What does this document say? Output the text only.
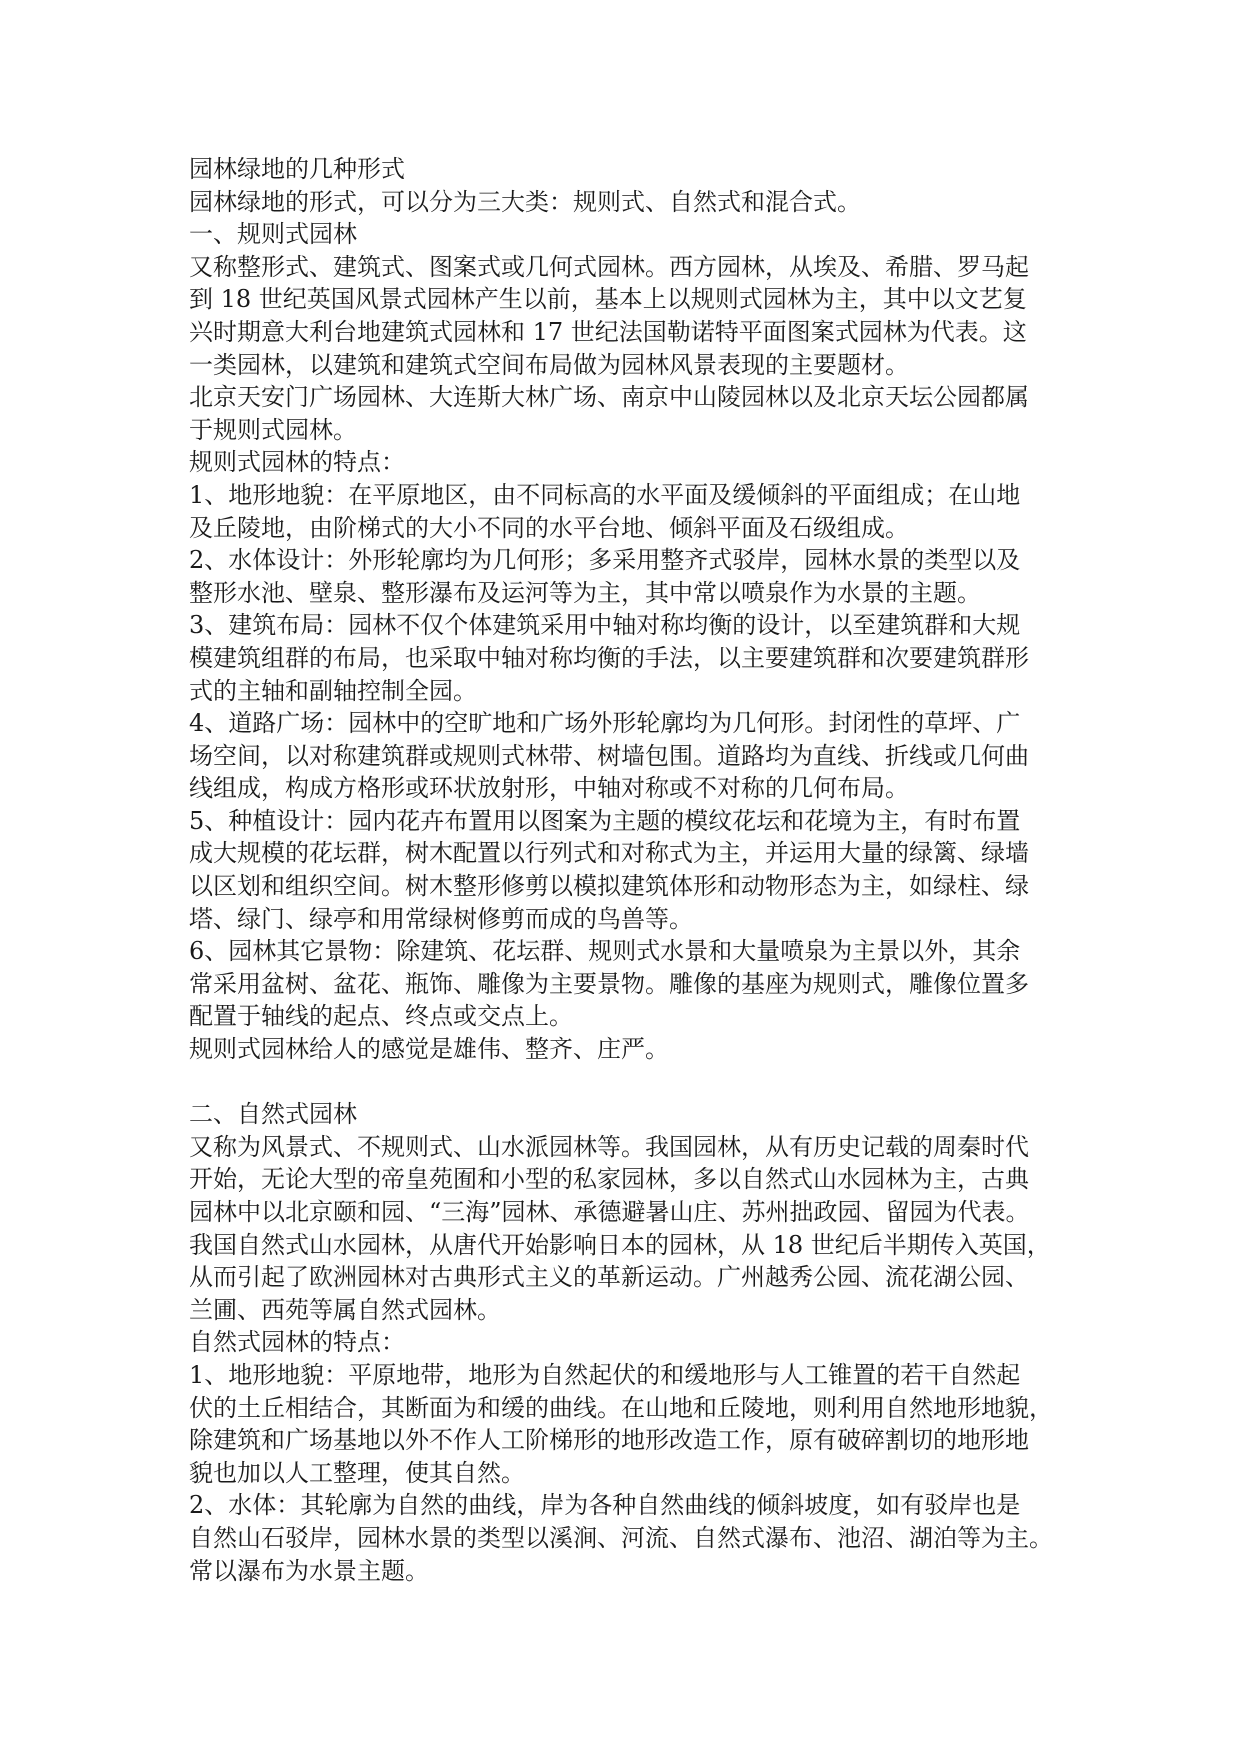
园林绿地的几种形式
园林绿地的形式，可以分为三大类：规则式、自然式和混合式。
一、规则式园林
又称整形式、建筑式、图案式或几何式园林。西方园林，从埃及、希腊、罗马起
到 18 世纪英国风景式园林产生以前，基本上以规则式园林为主，其中以文艺复
兴时期意大利台地建筑式园林和 17 世纪法国勒诺特平面图案式园林为代表。这
一类园林，以建筑和建筑式空间布局做为园林风景表现的主要题材。
北京天安门广场园林、大连斯大林广场、南京中山陵园林以及北京天坛公园都属
于规则式园林。
规则式园林的特点：
1、地形地貌：在平原地区，由不同标高的水平面及缓倾斜的平面组成；在山地
及丘陵地，由阶梯式的大小不同的水平台地、倾斜平面及石级组成。
2、水体设计：外形轮廓均为几何形；多采用整齐式驳岸，园林水景的类型以及
整形水池、壁泉、整形瀑布及运河等为主，其中常以喷泉作为水景的主题。
3、建筑布局：园林不仅个体建筑采用中轴对称均衡的设计，以至建筑群和大规
模建筑组群的布局，也采取中轴对称均衡的手法，以主要建筑群和次要建筑群形
式的主轴和副轴控制全园。
4、道路广场：园林中的空旷地和广场外形轮廓均为几何形。封闭性的草坪、广
场空间，以对称建筑群或规则式林带、树墙包围。道路均为直线、折线或几何曲
线组成，构成方格形或环状放射形，中轴对称或不对称的几何布局。
5、种植设计：园内花卉布置用以图案为主题的模纹花坛和花境为主，有时布置
成大规模的花坛群，树木配置以行列式和对称式为主，并运用大量的绿篱、绿墙
以区划和组织空间。树木整形修剪以模拟建筑体形和动物形态为主，如绿柱、绿
塔、绿门、绿亭和用常绿树修剪而成的鸟兽等。
6、园林其它景物：除建筑、花坛群、规则式水景和大量喷泉为主景以外，其余
常采用盆树、盆花、瓶饰、雕像为主要景物。雕像的基座为规则式，雕像位置多
配置于轴线的起点、终点或交点上。
规则式园林给人的感觉是雄伟、整齐、庄严。
二、自然式园林
又称为风景式、不规则式、山水派园林等。我国园林，从有历史记载的周秦时代
开始，无论大型的帝皇苑囿和小型的私家园林，多以自然式山水园林为主，古典
园林中以北京颐和园、“三海”园林、承德避暑山庄、苏州拙政园、留园为代表。
我国自然式山水园林，从唐代开始影响日本的园林，从 18 世纪后半期传入英国，
从而引起了欧洲园林对古典形式主义的革新运动。广州越秀公园、流花湖公园、
兰圃、西苑等属自然式园林。
自然式园林的特点：
1、地形地貌：平原地带，地形为自然起伏的和缓地形与人工锥置的若干自然起
伏的土丘相结合，其断面为和缓的曲线。在山地和丘陵地，则利用自然地形地貌，
除建筑和广场基地以外不作人工阶梯形的地形改造工作，原有破碎割切的地形地
貌也加以人工整理，使其自然。
2、水体：其轮廓为自然的曲线，岸为各种自然曲线的倾斜坡度，如有驳岸也是
自然山石驳岸，园林水景的类型以溪涧、河流、自然式瀑布、池沼、湖泊等为主。
常以瀑布为水景主题。
